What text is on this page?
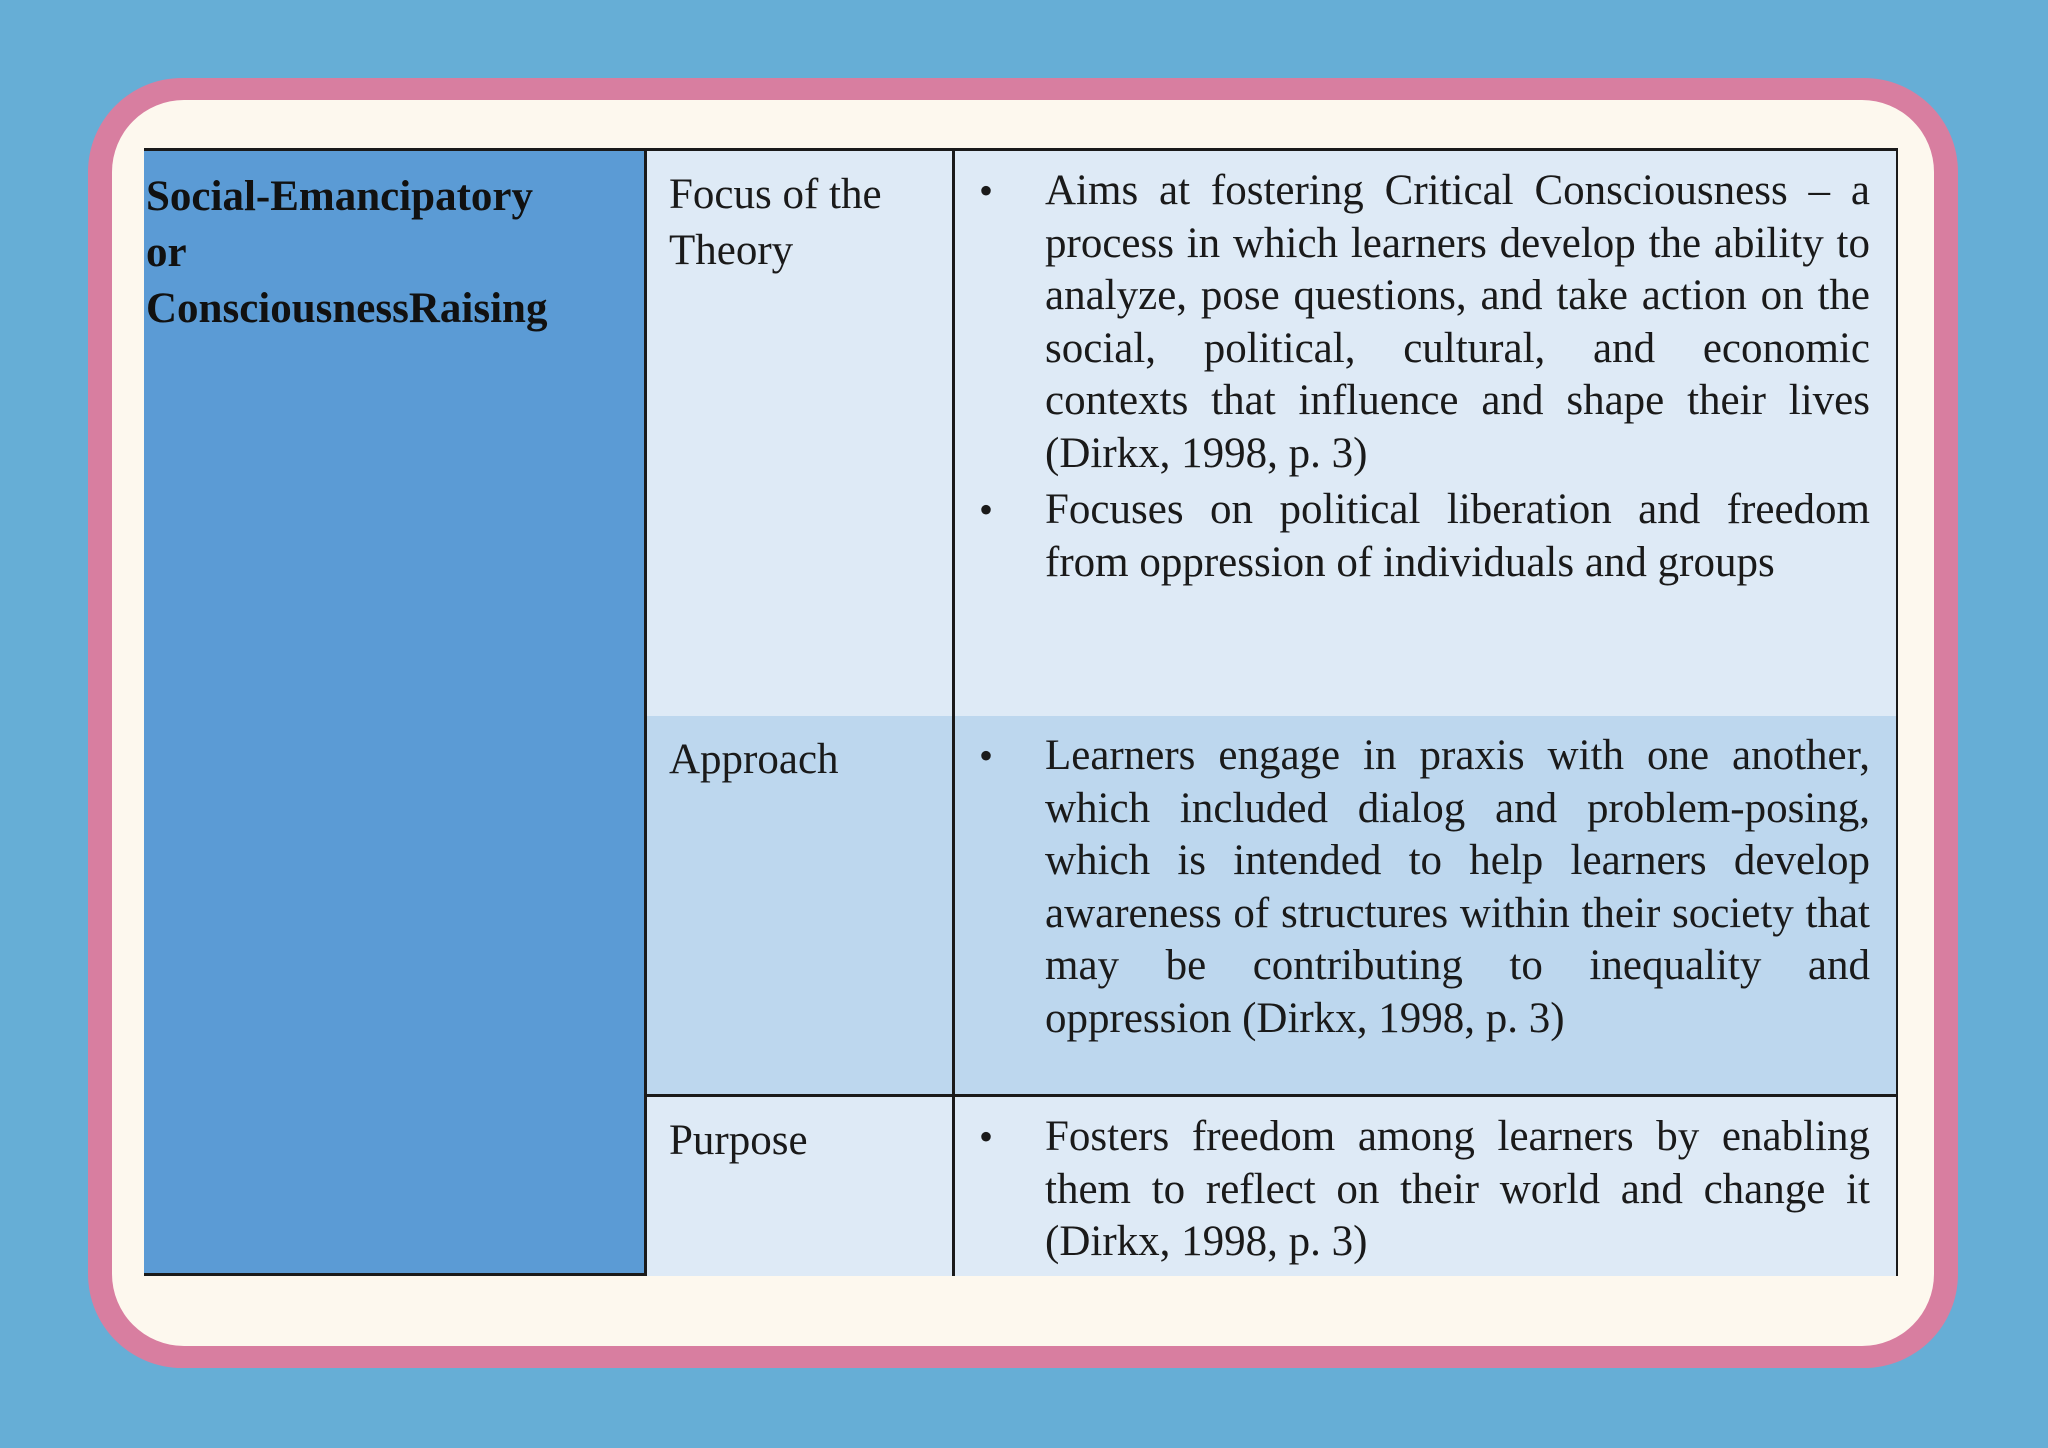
Social-Emancipatory
or
ConsciousnessRaising
Focus of the
Theory
• Aims at fostering Critical Consciousness – a process in which learners develop the ability to analyze, pose questions, and take action on the social, political, cultural, and economic contexts that influence and shape their lives (Dirkx, 1998, p. 3)
• Focuses on political liberation and freedom from oppression of individuals and groups
Approach	• Learners engage in praxis with one another, which included dialog and problem-posing, which is intended to help learners develop awareness of structures within their society that may be contributing to inequality and oppression (Dirkx, 1998, p. 3)
Purpose	• Fosters freedom among learners by enabling them to reflect on their world and change it (Dirkx, 1998, p. 3)
